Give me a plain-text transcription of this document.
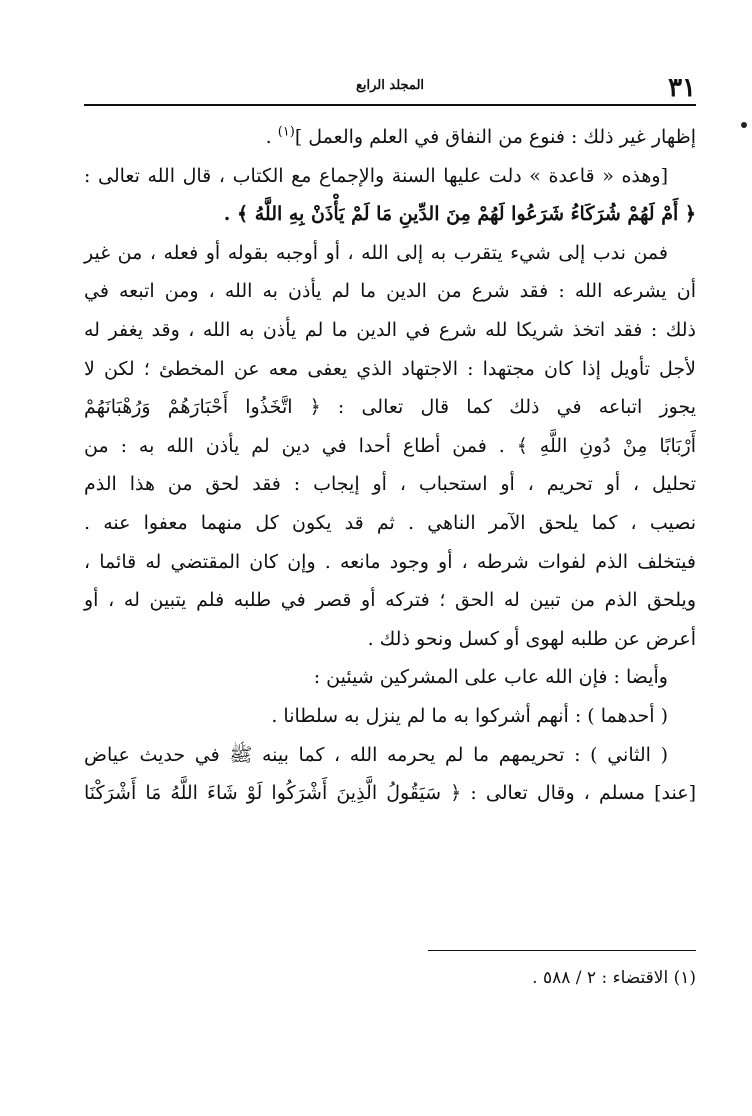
٣١
المجلد الرابع
إظهار غير ذلك : فنوع من النفاق في العلم والعمل ]$^{(١)}$ .
[وهذه « قاعدة » دلت عليها السنة والإجماع مع الكتاب ، قال الله تعالى :
﴿ أَمْ لَهُمْ شُرَكَاءُ شَرَعُوا لَهُمْ مِنَ الدِّينِ مَا لَمْ يَأْذَنْ بِهِ اللَّهُ ﴾ .
فمن ندب إلى شيء يتقرب به إلى الله ، أو أوجبه بقوله أو فعله ، من غير
أن يشرعه الله : فقد شرع من الدين ما لم يأذن به الله ، ومن اتبعه في
ذلك : فقد اتخذ شريكا لله شرع في الدين ما لم يأذن به الله ، وقد يغفر له
لأجل تأويل إذا كان مجتهدا : الاجتهاد الذي يعفى معه عن المخطئ ؛ لكن لا
يجوز اتباعه في ذلك كما قال تعالى : ﴿ اتَّخَذُوا أَحْبَارَهُمْ وَرُهْبَانَهُمْ
أَرْبَابًا مِنْ دُونِ اللَّهِ ﴾ . فمن أطاع أحدا في دين لم يأذن الله به : من
تحليل ، أو تحريم ، أو استحباب ، أو إيجاب : فقد لحق من هذا الذم
نصيب ، كما يلحق الآمر الناهي . ثم قد يكون كل منهما معفوا عنه .
فيتخلف الذم لفوات شرطه ، أو وجود مانعه . وإن كان المقتضي له قائما ،
ويلحق الذم من تبين له الحق ؛ فتركه أو قصر في طلبه فلم يتبين له ، أو
أعرض عن طلبه لهوى أو كسل ونحو ذلك .
وأيضا : فإن الله عاب على المشركين شيئين :
( أحدهما ) : أنهم أشركوا به ما لم ينزل به سلطانا .
( الثاني ) : تحريمهم ما لم يحرمه الله ، كما بينه ﷺ في حديث عياض
[عند] مسلم ، وقال تعالى : ﴿ سَيَقُولُ الَّذِينَ أَشْرَكُوا لَوْ شَاءَ اللَّهُ مَا أَشْرَكْنَا
(١) الاقتضاء : ٢ / ٥٨٨ .
